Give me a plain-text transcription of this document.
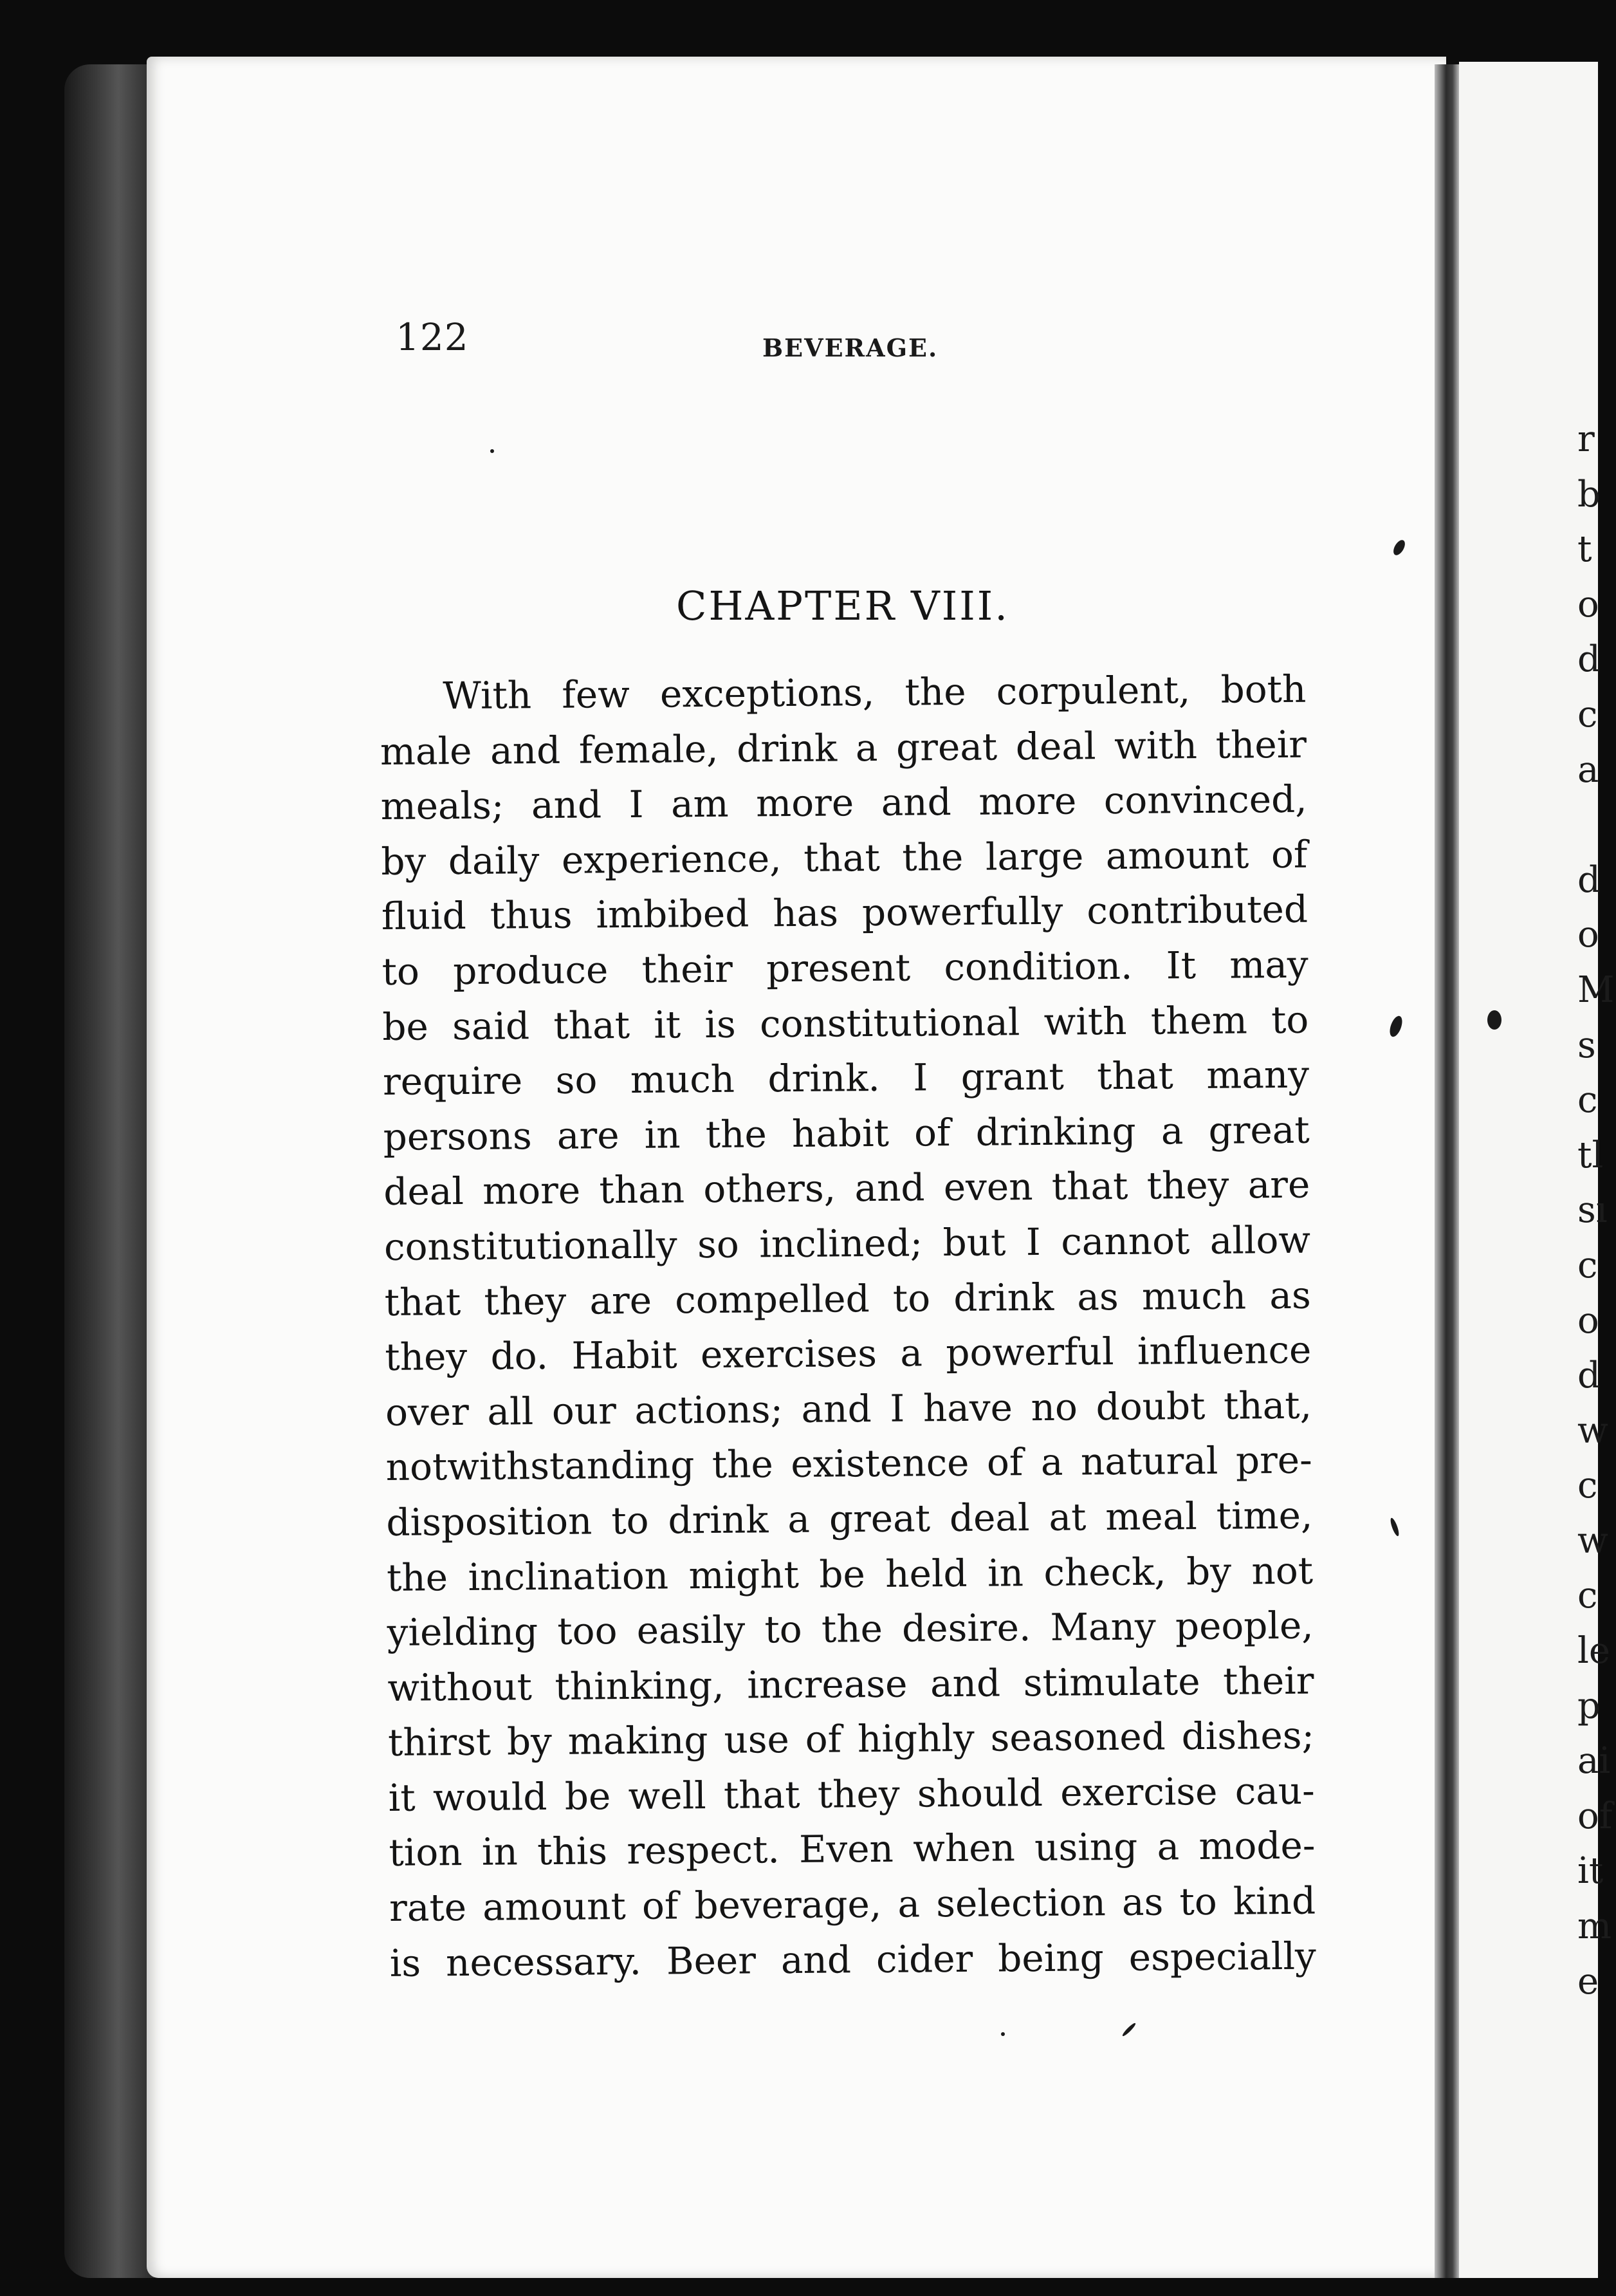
r
b
t
o
d
c
a

d
o
M
s
c
tl
sı
c
o
d
w
c
w
c
le
p
ai
of
it
m
e
122	BEVERAGE.
CHAPTER VIII.
With few exceptions, the corpulent, both
male and female, drink a great deal with their
meals; and I am more and more convinced,
by daily experience, that the large amount of
fluid thus imbibed has powerfully contributed
to produce their present condition. It may
be said that it is constitutional with them to
require so much drink. I grant that many
persons are in the habit of drinking a great
deal more than others, and even that they are
constitutionally so inclined; but I cannot allow
that they are compelled to drink as much as
they do. Habit exercises a powerful influence
over all our actions; and I have no doubt that,
notwithstanding the existence of a natural pre-
disposition to drink a great deal at meal time,
the inclination might be held in check, by not
yielding too easily to the desire. Many people,
without thinking, increase and stimulate their
thirst by making use of highly seasoned dishes;
it would be well that they should exercise cau-
tion in this respect. Even when using a mode-
rate amount of beverage, a selection as to kind
is necessary. Beer and cider being especially
